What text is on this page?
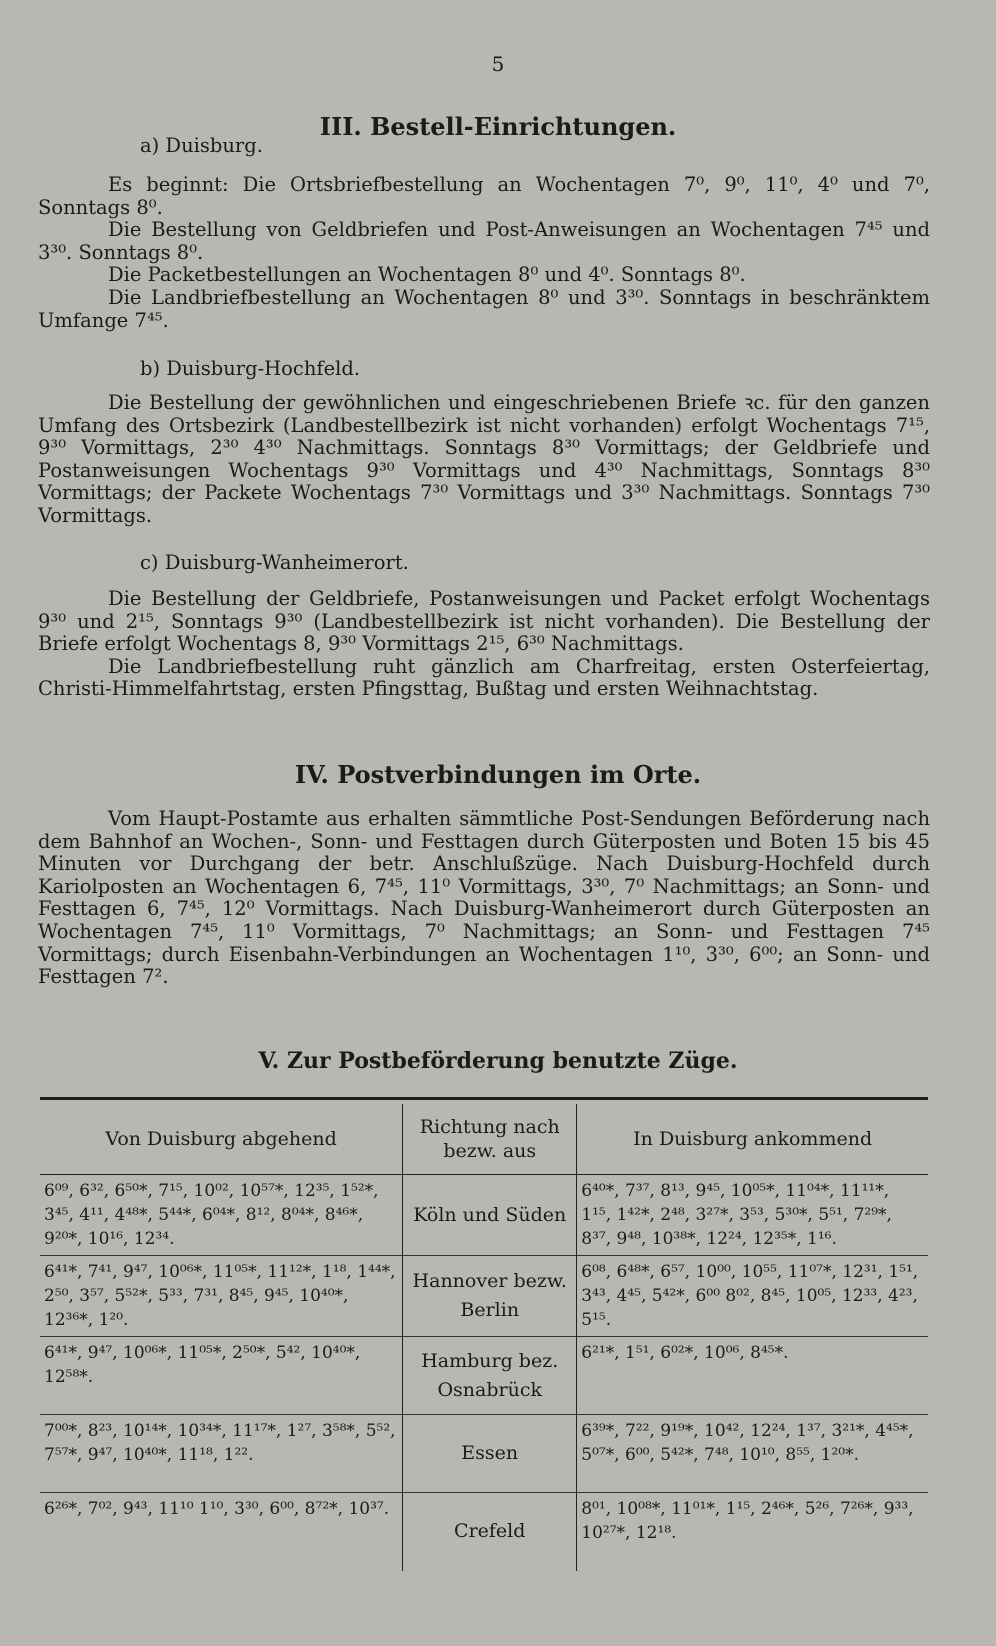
5
III. Bestell-Einrichtungen.
a) Duisburg.

Es beginnt: Die Ortsbriefbestellung an Wochentagen 7⁰, 9⁰, 11⁰, 4⁰ und 7⁰, Sonntags 8⁰.

Die Bestellung von Geldbriefen und Post-Anweisungen an Wochentagen 7⁴⁵ und 3³⁰. Sonntags 8⁰.

Die Packetbestellungen an Wochentagen 8⁰ und 4⁰. Sonntags 8⁰.

Die Landbriefbestellung an Wochentagen 8⁰ und 3³⁰. Sonntags in beschränktem Umfange 7⁴⁵.

b) Duisburg-Hochfeld.

Die Bestellung der gewöhnlichen und eingeschriebenen Briefe ꝛc. für den ganzen Umfang des Ortsbezirk (Landbestellbezirk ist nicht vorhanden) erfolgt Wochentags 7¹⁵, 9³⁰ Vormittags, 2³⁰ 4³⁰ Nachmittags. Sonntags 8³⁰ Vormittags; der Geldbriefe und Postanweisungen Wochentags 9³⁰ Vormittags und 4³⁰ Nachmittags, Sonntags 8³⁰ Vormittags; der Packete Wochentags 7³⁰ Vormittags und 3³⁰ Nachmittags. Sonntags 7³⁰ Vormittags.

c) Duisburg-Wanheimerort.

Die Bestellung der Geldbriefe, Postanweisungen und Packet erfolgt Wochentags 9³⁰ und 2¹⁵, Sonntags 9³⁰ (Landbestellbezirk ist nicht vorhanden). Die Bestellung der Briefe erfolgt Wochentags 8, 9³⁰ Vormittags 2¹⁵, 6³⁰ Nachmittags.

Die Landbriefbestellung ruht gänzlich am Charfreitag, ersten Osterfeiertag, Christi-Himmelfahrtstag, ersten Pfingsttag, Bußtag und ersten Weihnachtstag.

IV. Postverbindungen im Orte.

Vom Haupt-Postamte aus erhalten sämmtliche Post-Sendungen Beförderung nach dem Bahnhof an Wochen-, Sonn- und Festtagen durch Güterposten und Boten 15 bis 45 Minuten vor Durchgang der betr. Anschlußzüge. Nach Duisburg-Hochfeld durch Kariolposten an Wochentagen 6, 7⁴⁵, 11⁰ Vormittags, 3³⁰, 7⁰ Nachmittags; an Sonn- und Festtagen 6, 7⁴⁵, 12⁰ Vormittags. Nach Duisburg-Wanheimerort durch Güterposten an Wochentagen 7⁴⁵, 11⁰ Vormittags, 7⁰ Nachmittags; an Sonn- und Festtagen 7⁴⁵ Vormittags; durch Eisenbahn-Verbindungen an Wochentagen 1¹⁰, 3³⁰, 6⁰⁰; an Sonn- und Festtagen 7².

V. Zur Postbeförderung benutzte Züge.
Von Duisburg abgehend	Richtung nach bezw. aus	In Duisburg ankommend
6⁰⁹, 6³², 6⁵⁰*, 7¹⁵, 10⁰², 10⁵⁷*, 12³⁵, 1⁵²*, 3⁴⁵, 4¹¹, 4⁴⁸*, 5⁴⁴*, 6⁰⁴*, 8¹², 8⁰⁴*, 8⁴⁶*, 9²⁰*, 10¹⁶, 12³⁴.	Köln und Süden	6⁴⁰*, 7³⁷, 8¹³, 9⁴⁵, 10⁰⁵*, 11⁰⁴*, 11¹¹*, 1¹⁵, 1⁴²*, 2⁴⁸, 3²⁷*, 3⁵³, 5³⁰*, 5⁵¹, 7²⁹*, 8³⁷, 9⁴⁸, 10³⁸*, 12²⁴, 12³⁵*, 1¹⁶.
6⁴¹*, 7⁴¹, 9⁴⁷, 10⁰⁶*, 11⁰⁵*, 11¹²*, 1¹⁸, 1⁴⁴*, 2⁵⁰, 3⁵⁷, 5⁵²*, 5³³, 7³¹, 8⁴⁵, 9⁴⁵, 10⁴⁰*, 12³⁶*, 1²⁰.	Hannover bezw. Berlin	6⁰⁸, 6⁴⁸*, 6⁵⁷, 10⁰⁰, 10⁵⁵, 11⁰⁷*, 12³¹, 1⁵¹, 3⁴³, 4⁴⁵, 5⁴²*, 6⁰⁰ 8⁰², 8⁴⁵, 10⁰⁵, 12³³, 4²³, 5¹⁵.
6⁴¹*, 9⁴⁷, 10⁰⁶*, 11⁰⁵*, 2⁵⁰*, 5⁴², 10⁴⁰*, 12⁵⁸*.	Hamburg bez. Osnabrück	6²¹*, 1⁵¹, 6⁰²*, 10⁰⁶, 8⁴⁵*.
7⁰⁰*, 8²³, 10¹⁴*, 10³⁴*, 11¹⁷*, 1²⁷, 3⁵⁸*, 5⁵², 7⁵⁷*, 9⁴⁷, 10⁴⁰*, 11¹⁸, 1²².	Essen	6³⁹*, 7²², 9¹⁹*, 10⁴², 12²⁴, 1³⁷, 3²¹*, 4⁴⁵*, 5⁰⁷*, 6⁰⁰, 5⁴²*, 7⁴⁸, 10¹⁰, 8⁵⁵, 1²⁰*.
6²⁶*, 7⁰², 9⁴³, 11¹⁰ 1¹⁰, 3³⁰, 6⁰⁰, 8⁷²*, 10³⁷.	Crefeld	8⁰¹, 10⁰⁸*, 11⁰¹*, 1¹⁵, 2⁴⁶*, 5²⁶, 7²⁶*, 9³³, 10²⁷*, 12¹⁸.
